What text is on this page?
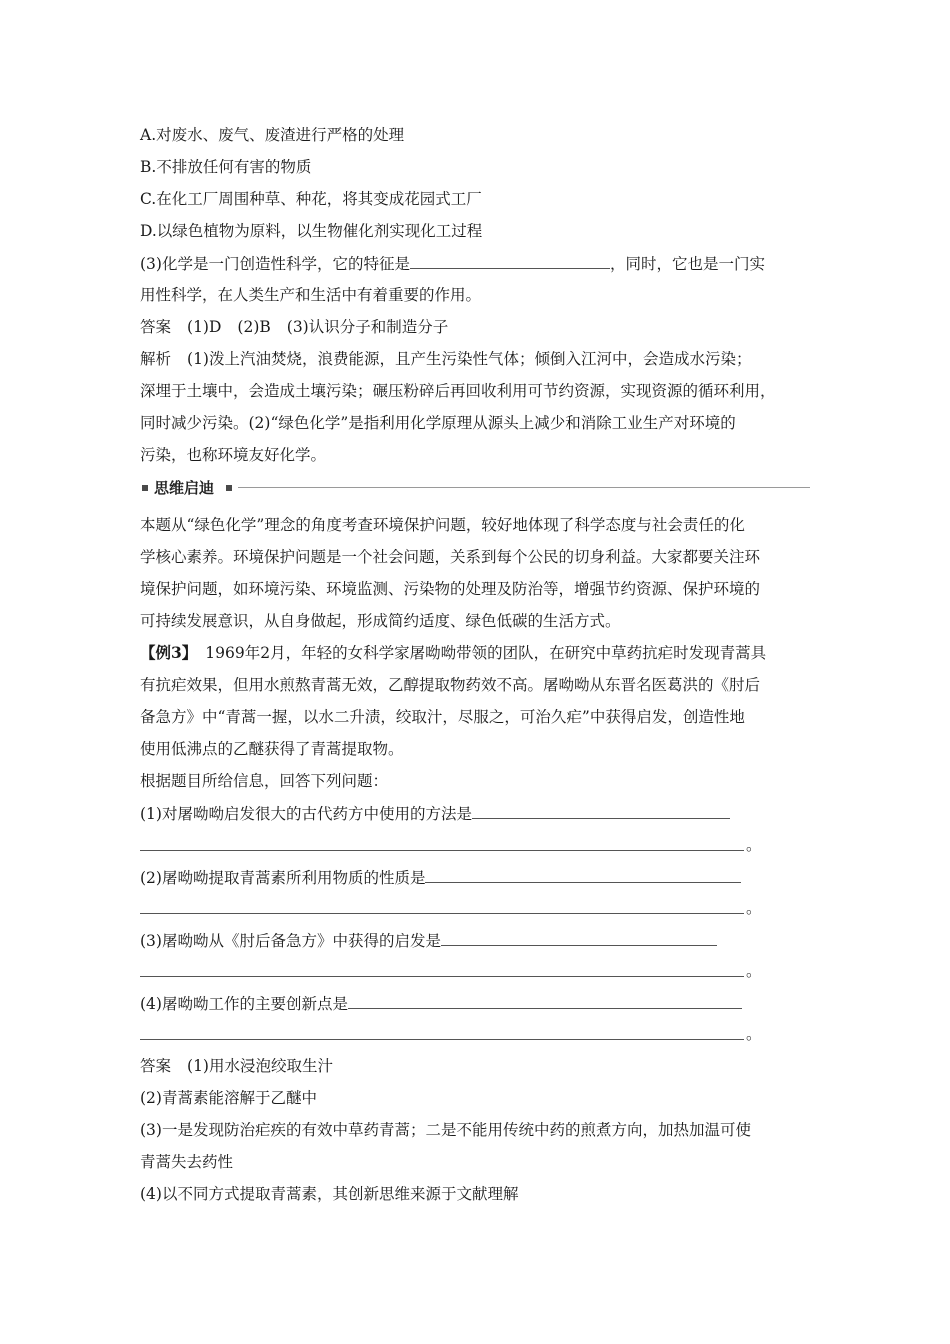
A.对废水、废气、废渣进行严格的处理
B.不排放任何有害的物质
C.在化工厂周围种草、种花，将其变成花园式工厂
D.以绿色植物为原料，以生物催化剂实现化工过程
(3)化学是一门创造性科学，它的特征是	，同时，它也是一门实
用性科学，在人类生产和生活中有着重要的作用。
答案 (1)D (2)B (3)认识分子和制造分子
解析 (1)泼上汽油焚烧，浪费能源，且产生污染性气体；倾倒入江河中，会造成水污染；
深埋于土壤中，会造成土壤污染；碾压粉碎后再回收利用可节约资源，实现资源的循环利用，
同时减少污染。(2)“绿色化学”是指利用化学原理从源头上减少和消除工业生产对环境的
污染，也称环境友好化学。
思维启迪
本题从“绿色化学”理念的角度考查环境保护问题，较好地体现了科学态度与社会责任的化
学核心素养。环境保护问题是一个社会问题，关系到每个公民的切身利益。大家都要关注环
境保护问题，如环境污染、环境监测、污染物的处理及防治等，增强节约资源、保护环境的
可持续发展意识，从自身做起，形成简约适度、绿色低碳的生活方式。
【例3】 1969年2月，年轻的女科学家屠呦呦带领的团队，在研究中草药抗疟时发现青蒿具
有抗疟效果，但用水煎熬青蒿无效，乙醇提取物药效不高。屠呦呦从东晋名医葛洪的《肘后
备急方》中“青蒿一握，以水二升渍，绞取汁，尽服之，可治久疟”中获得启发，创造性地
使用低沸点的乙醚获得了青蒿提取物。
根据题目所给信息，回答下列问题：
(1)对屠呦呦启发很大的古代药方中使用的方法是
。
(2)屠呦呦提取青蒿素所利用物质的性质是
。
(3)屠呦呦从《肘后备急方》中获得的启发是
。
(4)屠呦呦工作的主要创新点是
。
答案 (1)用水浸泡绞取生汁
(2)青蒿素能溶解于乙醚中
(3)一是发现防治疟疾的有效中草药青蒿；二是不能用传统中药的煎煮方向，加热加温可使
青蒿失去药性
(4)以不同方式提取青蒿素，其创新思维来源于文献理解
